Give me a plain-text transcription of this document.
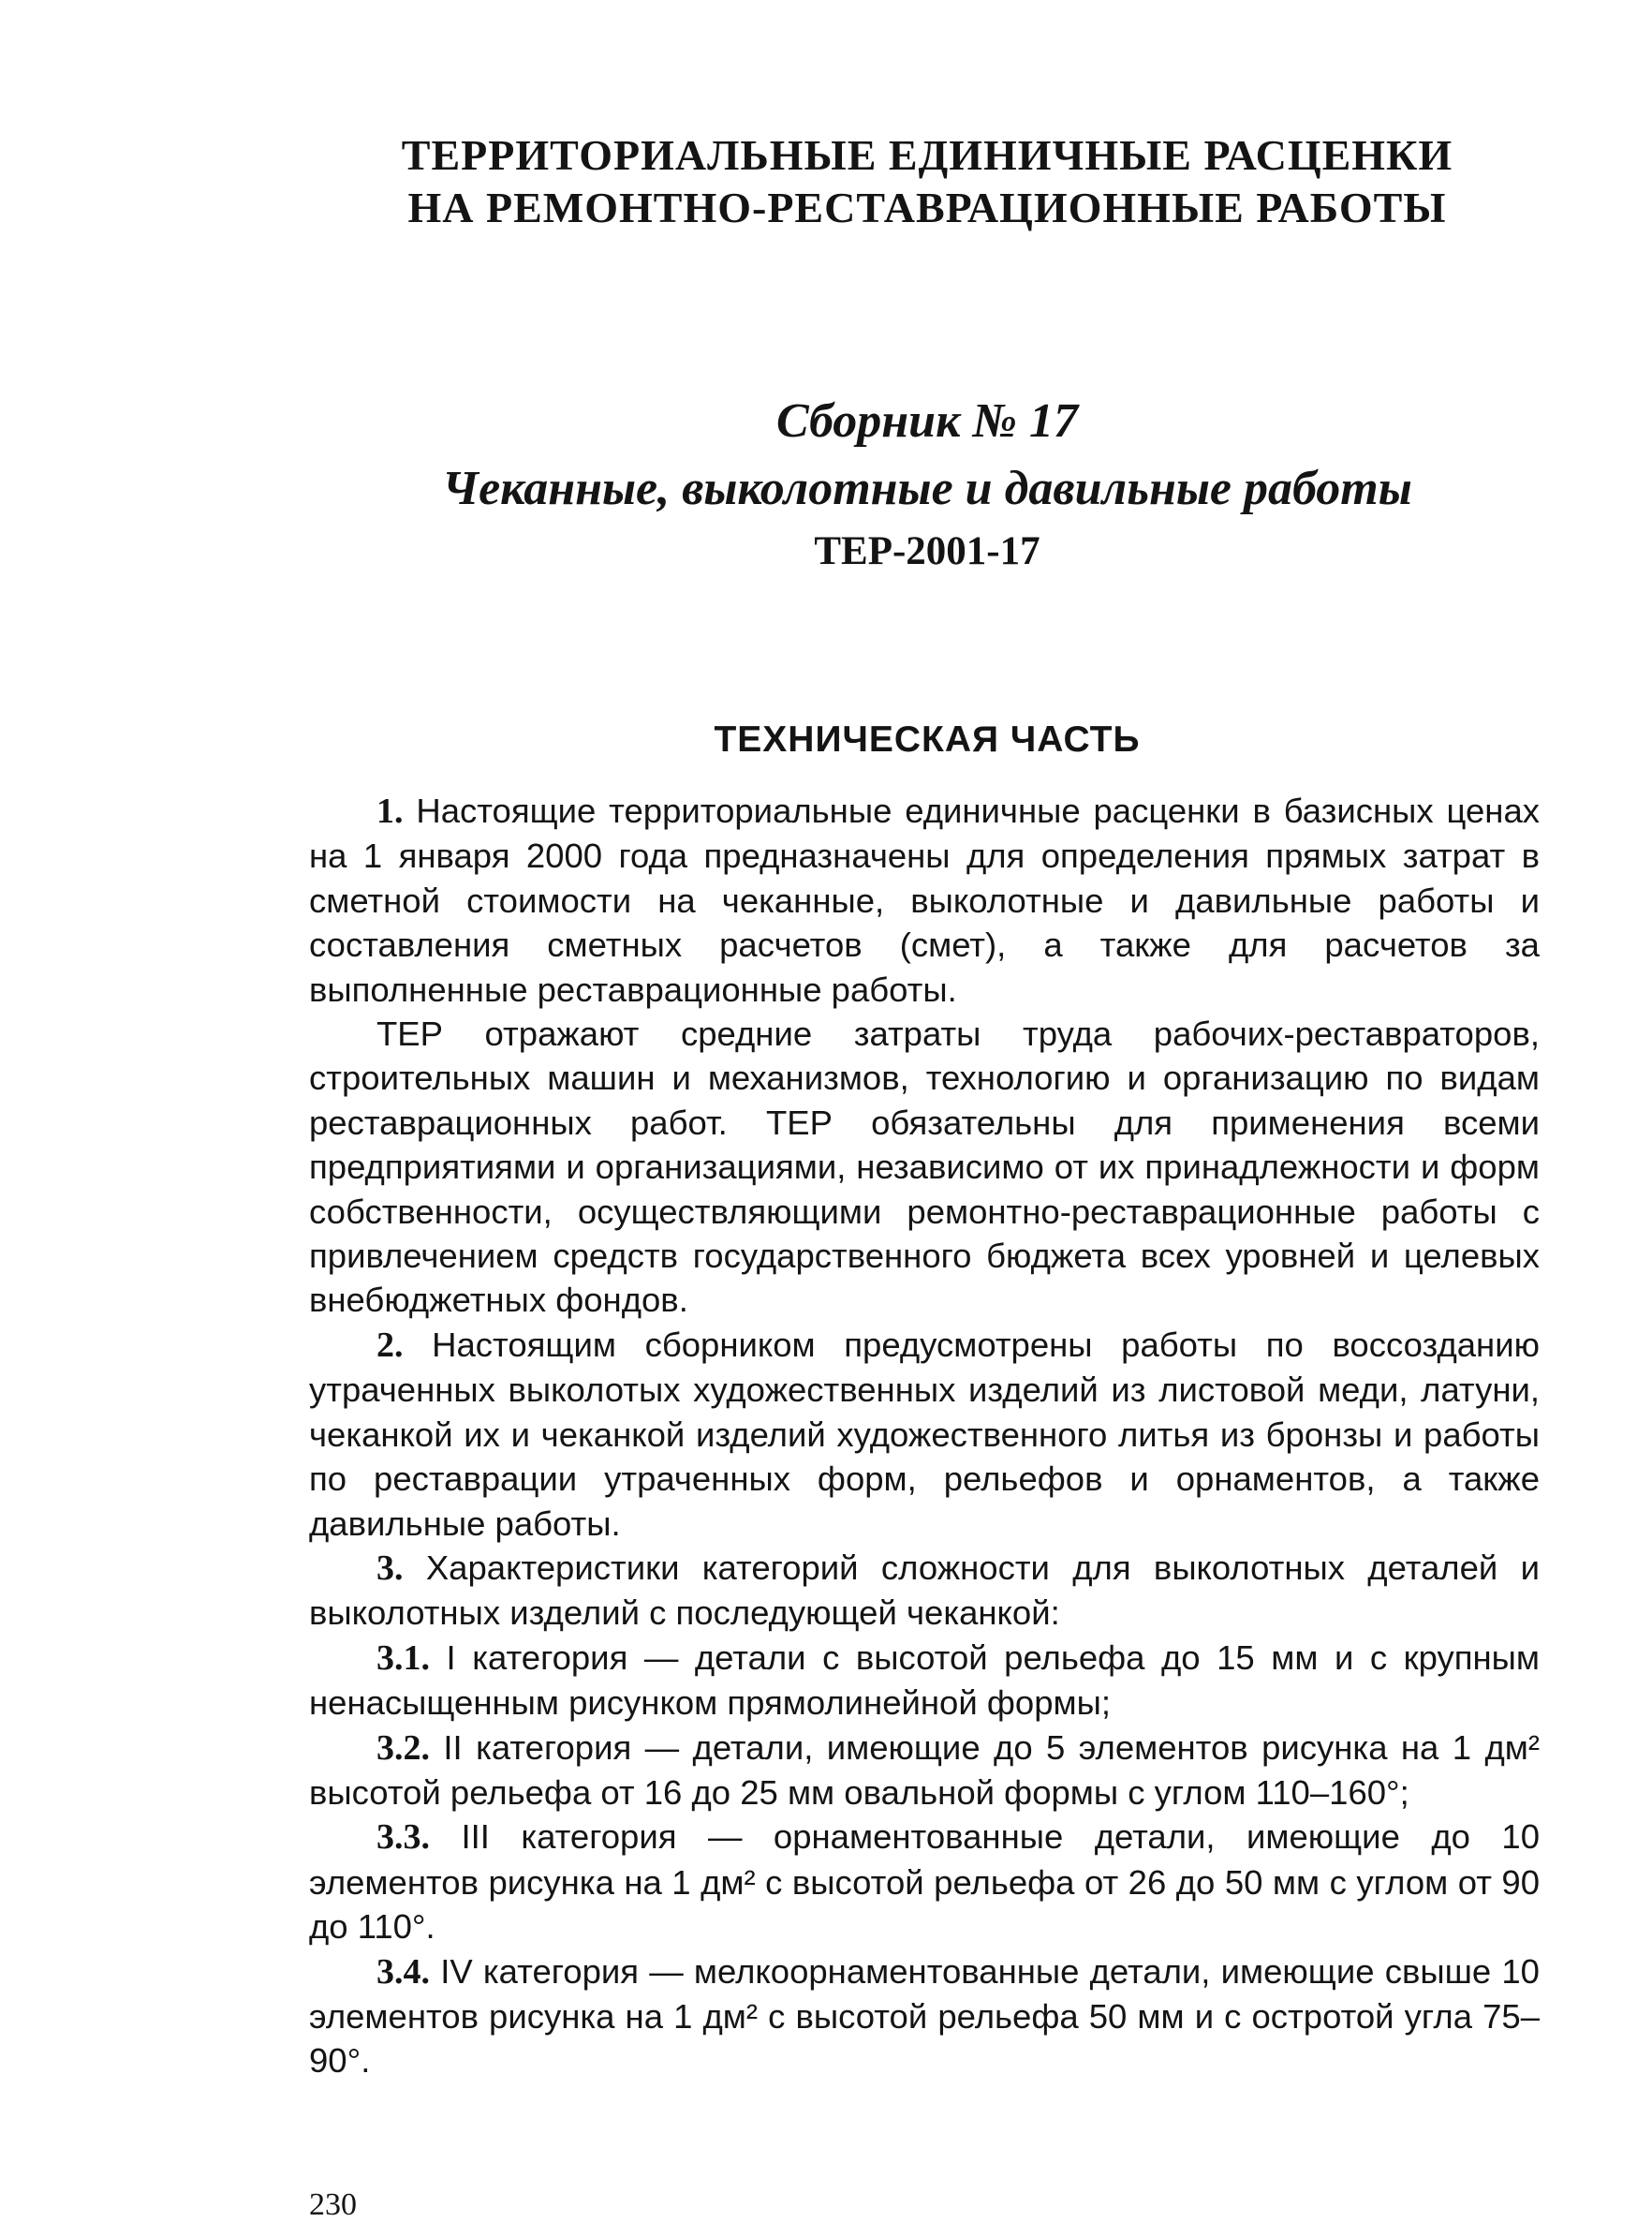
ТЕРРИТОРИАЛЬНЫЕ ЕДИНИЧНЫЕ РАСЦЕНКИ
НА РЕМОНТНО-РЕСТАВРАЦИОННЫЕ РАБОТЫ
Сборник № 17
Чеканные, выколотные и давильные работы
ТЕР-2001-17
ТЕХНИЧЕСКАЯ ЧАСТЬ

1. Настоящие территориальные единичные расценки в базисных ценах на 1 января 2000 года предназначены для определения прямых затрат в сметной стоимости на чеканные, выколотные и давильные работы и составления сметных расчетов (смет), а также для расчетов за выполненные реставрационные работы.

ТЕР отражают средние затраты труда рабочих-реставраторов, строительных машин и механизмов, технологию и организацию по видам реставрационных работ. ТЕР обязательны для применения всеми предприятиями и организациями, независимо от их принадлежности и форм собственности, осуществляющими ремонтно-реставрационные работы с привлечением средств государственного бюджета всех уровней и целевых внебюджетных фондов.

2. Настоящим сборником предусмотрены работы по воссозданию утраченных выколотых художественных изделий из листовой меди, латуни, чеканкой их и чеканкой изделий художественного литья из бронзы и работы по реставрации утраченных форм, рельефов и орнаментов, а также давильные работы.

3. Характеристики категорий сложности для выколотных деталей и выколотных изделий с последующей чеканкой:

3.1. I категория — детали с высотой рельефа до 15 мм и с крупным ненасыщенным рисунком прямолинейной формы;

3.2. II категория — детали, имеющие до 5 элементов рисунка на 1 дм² высотой рельефа от 16 до 25 мм овальной формы с углом 110–160°;

3.3. III категория — орнаментованные детали, имеющие до 10 элементов рисунка на 1 дм² с высотой рельефа от 26 до 50 мм с углом от 90 до 110°.

3.4. IV категория — мелкоорнаментованные детали, имеющие свыше 10 элементов рисунка на 1 дм² с высотой рельефа 50 мм и с остротой угла 75–90°.

230
